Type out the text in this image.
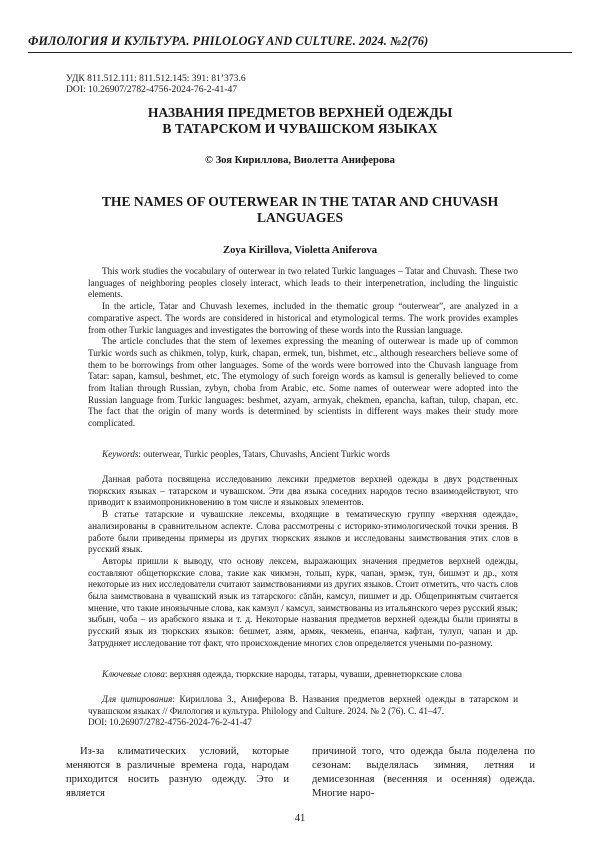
ФИЛОЛОГИЯ И КУЛЬТУРА. PHILOLOGY AND CULTURE. 2024. №2(76)
УДК 811.512.111: 811.512.145: 391: 81’373.6
DOI: 10.26907/2782-4756-2024-76-2-41-47
НАЗВАНИЯ ПРЕДМЕТОВ ВЕРХНЕЙ ОДЕЖДЫ
В ТАТАРСКОМ И ЧУВАШСКОМ ЯЗЫКАХ
© Зоя Кириллова, Виолетта Аниферова
THE NAMES OF OUTERWEAR IN THE TATAR AND CHUVASH
LANGUAGES
Zoya Kirillova, Violetta Aniferova

This work studies the vocabulary of outerwear in two related Turkic languages – Tatar and Chuvash. These two languages of neighboring peoples closely interact, which leads to their interpenetration, including the linguistic elements.

In the article, Tatar and Chuvash lexemes, included in the thematic group “outerwear”, are analyzed in a comparative aspect. The words are considered in historical and etymological terms. The work provides examples from other Turkic languages and investigates the borrowing of these words into the Russian language.

The article concludes that the stem of lexemes expressing the meaning of outerwear is made up of common Turkic words such as chikmen, tolyp, kurk, chapan, ermek, tun, bishmet, etc., although researchers believe some of them to be borrowings from other languages. Some of the words were borrowed into the Chuvash language from Tatar: sapan, kamsul, beshmet, etc. The etymology of such foreign words as kamsul is generally believed to come from Italian through Russian, zybyn, choba from Arabic, etc. Some names of outerwear were adopted into the Russian language from Turkic languages: beshmet, azyam, armyak, chekmen, epancha, kaftan, tulup, chapan, etc. The fact that the origin of many words is determined by scientists in different ways makes their study more complicated.

Keywords: outerwear, Turkic peoples, Tatars, Chuvashs, Ancient Turkic words

Данная работа посвящена исследованию лексики предметов верхней одежды в двух родственных тюркских языках – татарском и чувашском. Эти два языка соседних народов тесно взаимодействуют, что приводит к взаимопроникновению в том числе и языковых элементов.

В статье татарские и чувашские лексемы, входящие в тематическую группу «верхняя одежда», анализированы в сравнительном аспекте. Слова рассмотрены с историко-этимологической точки зрения. В работе были приведены примеры из других тюркских языков и исследованы заимствования этих слов в русский язык.

Авторы пришли к выводу, что основу лексем, выражающих значения предметов верхней одежды, составляют общетюркские слова, такие как чикмэн, толып, курк, чапан, эрмэк, тун, бишмэт и др., хотя некоторые из них исследователи считают заимствованиями из других языков. Стоит отметить, что часть слов была заимствована в чувашский язык из татарского: сăпăн, камсул, пишмет и др. Общепринятым считается мнение, что такие иноязычные слова, как камзул / камсул, заимствованы из итальянского через русский язык; зыбын, чоба – из арабского языка и т. д. Некоторые названия предметов верхней одежды были приняты в русский язык из тюркских языков: бешмет, азям, армяк, чекмень, епанча, кафтан, тулуп, чапан и др. Затрудняет исследование тот факт, что происхождение многих слов определяется учеными по-разному.

Ключевые слова: верхняя одежда, тюркские народы, татары, чуваши, древнетюркские слова
Для цитирования: Кириллова З., Аниферова В. Названия предметов верхней одежды в татарском и чувашском языках // Филология и культура. Philology and Culture. 2024. № 2 (76). С. 41–47.
DOI: 10.26907/2782-4756-2024-76-2-41-47

Из-за климатических условий, которые меняются в различные времена года, народам приходится носить разную одежду. Это и является

причиной того, что одежда была поделена по сезонам: выделялась зимняя, летняя и демисезонная (весенняя и осенняя) одежда. Многие наро-

41
